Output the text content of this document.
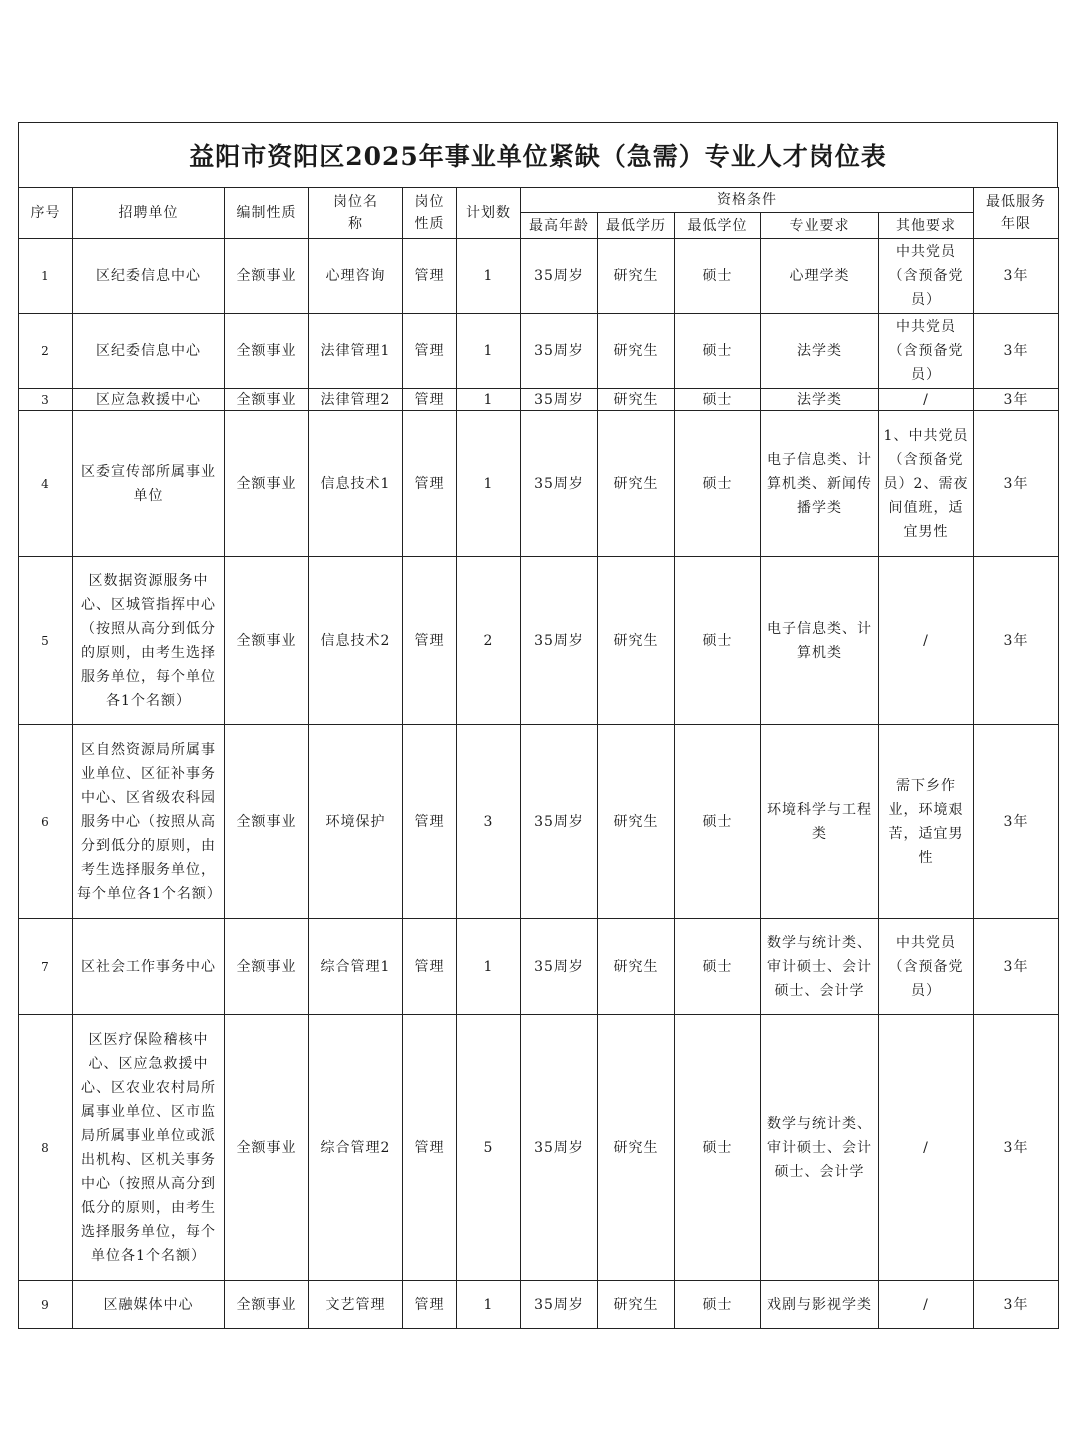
益阳市资阳区2025年事业单位紧缺（急需）专业人才岗位表
序号	招聘单位	编制性质	岗位名称	岗位性质	计划数	资格条件					最低服务年限
						最高年龄	最低学历	最低学位	专业要求	其他要求	
1	区纪委信息中心	全额事业	心理咨询	管理	1	35周岁	研究生	硕士	心理学类	中共党员（含预备党员）	3年
2	区纪委信息中心	全额事业	法律管理1	管理	1	35周岁	研究生	硕士	法学类	中共党员（含预备党员）	3年
3	区应急救援中心	全额事业	法律管理2	管理	1	35周岁	研究生	硕士	法学类	/	3年
4	区委宣传部所属事业单位	全额事业	信息技术1	管理	1	35周岁	研究生	硕士	电子信息类、计算机类、新闻传播学类	1、中共党员（含预备党员）2、需夜间值班，适宜男性	3年
5	区数据资源服务中心、区城管指挥中心（按照从高分到低分的原则，由考生选择服务单位，每个单位各1个名额）	全额事业	信息技术2	管理	2	35周岁	研究生	硕士	电子信息类、计算机类	/	3年
6	区自然资源局所属事业单位、区征补事务中心、区省级农科园服务中心（按照从高分到低分的原则，由考生选择服务单位，每个单位各1个名额）	全额事业	环境保护	管理	3	35周岁	研究生	硕士	环境科学与工程类	需下乡作业，环境艰苦，适宜男性	3年
7	区社会工作事务中心	全额事业	综合管理1	管理	1	35周岁	研究生	硕士	数学与统计类、审计硕士、会计硕士、会计学	中共党员（含预备党员）	3年
8	区医疗保险稽核中心、区应急救援中心、区农业农村局所属事业单位、区市监局所属事业单位或派出机构、区机关事务中心（按照从高分到低分的原则，由考生选择服务单位，每个单位各1个名额）	全额事业	综合管理2	管理	5	35周岁	研究生	硕士	数学与统计类、审计硕士、会计硕士、会计学	/	3年
9	区融媒体中心	全额事业	文艺管理	管理	1	35周岁	研究生	硕士	戏剧与影视学类	/	3年
